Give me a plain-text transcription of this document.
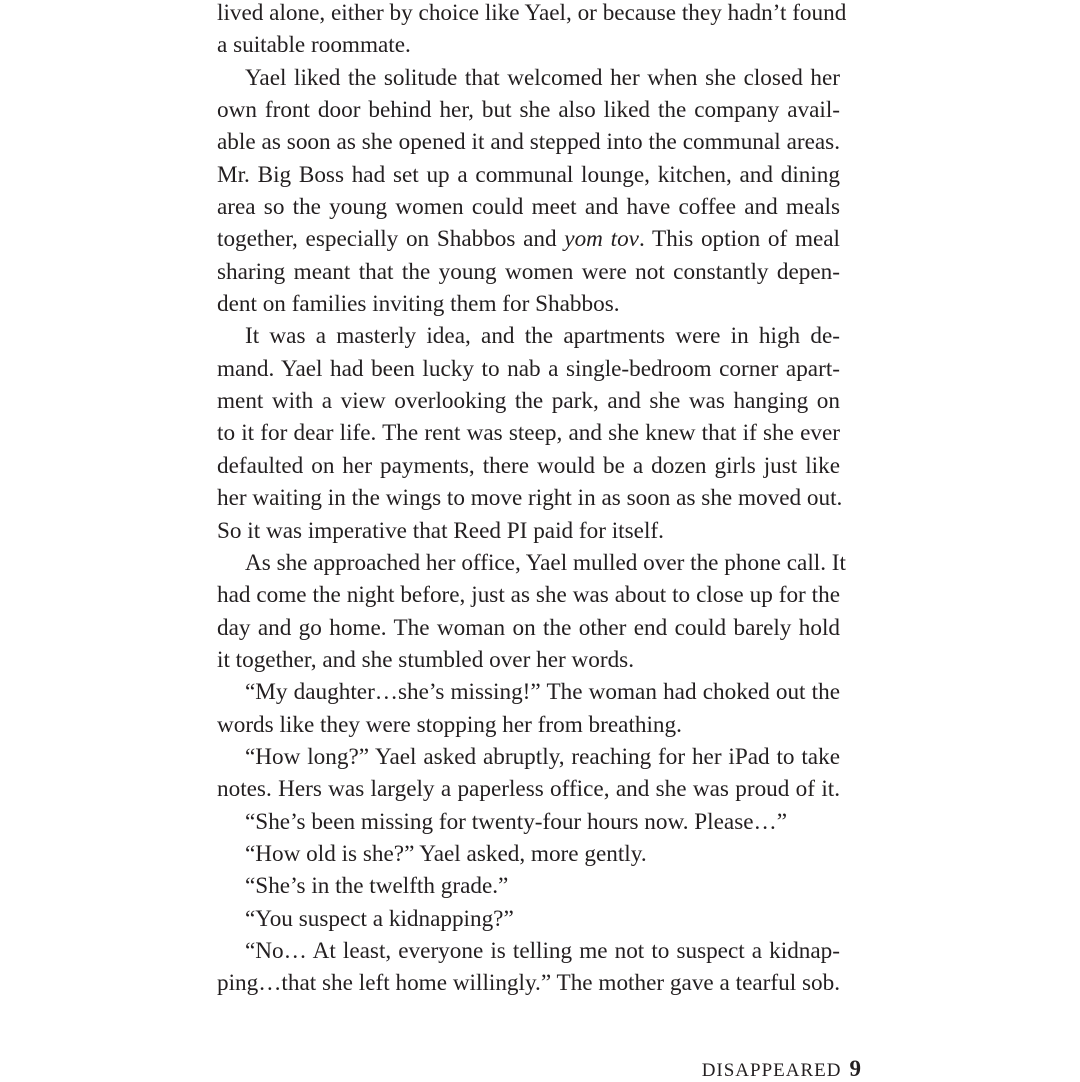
lived alone, either by choice like Yael, or because they hadn’t found
a suitable roommate.
Yael liked the solitude that welcomed her when she closed her
own front door behind her, but she also liked the company avail-
able as soon as she opened it and stepped into the communal areas.
Mr. Big Boss had set up a communal lounge, kitchen, and dining
area so the young women could meet and have coffee and meals
together, especially on Shabbos and yom tov. This option of meal
sharing meant that the young women were not constantly depen-
dent on families inviting them for Shabbos.
It was a masterly idea, and the apartments were in high de-
mand. Yael had been lucky to nab a single-bedroom corner apart-
ment with a view overlooking the park, and she was hanging on
to it for dear life. The rent was steep, and she knew that if she ever
defaulted on her payments, there would be a dozen girls just like
her waiting in the wings to move right in as soon as she moved out.
So it was imperative that Reed PI paid for itself.
As she approached her office, Yael mulled over the phone call. It
had come the night before, just as she was about to close up for the
day and go home. The woman on the other end could barely hold
it together, and she stumbled over her words.
“My daughter…she’s missing!” The woman had choked out the
words like they were stopping her from breathing.
“How long?” Yael asked abruptly, reaching for her iPad to take
notes. Hers was largely a paperless office, and she was proud of it.
“She’s been missing for twenty-four hours now. Please…”
“How old is she?” Yael asked, more gently.
“She’s in the twelfth grade.”
“You suspect a kidnapping?”
“No… At least, everyone is telling me not to suspect a kidnap-
ping…that she left home willingly.” The mother gave a tearful sob.
DISAPPEARED 9
